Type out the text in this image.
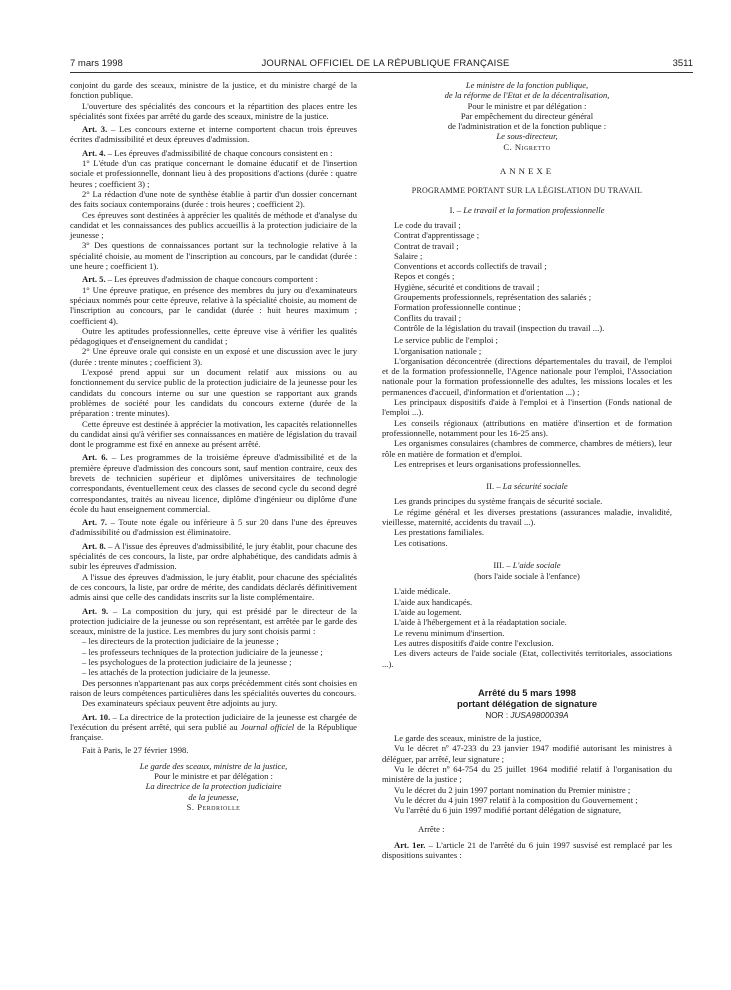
7 mars 1998	JOURNAL OFFICIEL DE LA RÉPUBLIQUE FRANÇAISE	3511

conjoint du garde des sceaux, ministre de la justice, et du ministre chargé de la fonction publique.

L'ouverture des spécialités des concours et la répartition des places entre les spécialités sont fixées par arrêté du garde des sceaux, ministre de la justice.

Art. 3. – Les concours externe et interne comportent chacun trois épreuves écrites d'admissibilité et deux épreuves d'admission.

Art. 4. – Les épreuves d'admissibilité de chaque concours consistent en :

1° L'étude d'un cas pratique concernant le domaine éducatif et de l'insertion sociale et professionnelle, donnant lieu à des propositions d'actions (durée : quatre heures ; coefficient 3) ;

2° La rédaction d'une note de synthèse établie à partir d'un dossier concernant des faits sociaux contemporains (durée : trois heures ; coefficient 2).

Ces épreuves sont destinées à apprécier les qualités de méthode et d'analyse du candidat et les connaissances des publics accueillis à la protection judiciaire de la jeunesse ;

3° Des questions de connaissances portant sur la technologie relative à la spécialité choisie, au moment de l'inscription au concours, par le candidat (durée : une heure ; coefficient 1).

Art. 5. – Les épreuves d'admission de chaque concours comportent :

1° Une épreuve pratique, en présence des membres du jury ou d'examinateurs spéciaux nommés pour cette épreuve, relative à la spécialité choisie, au moment de l'inscription au concours, par le candidat (durée : huit heures maximum ; coefficient 4).

Outre les aptitudes professionnelles, cette épreuve vise à vérifier les qualités pédagogiques et d'enseignement du candidat ;

2° Une épreuve orale qui consiste en un exposé et une discussion avec le jury (durée : trente minutes ; coefficient 3).

L'exposé prend appui sur un document relatif aux missions ou au fonctionnement du service public de la protection judiciaire de la jeunesse pour les candidats du concours interne ou sur une question se rapportant aux grands problèmes de société pour les candidats du concours externe (durée de la préparation : trente minutes).

Cette épreuve est destinée à apprécier la motivation, les capacités relationnelles du candidat ainsi qu'à vérifier ses connaissances en matière de législation du travail dont le programme est fixé en annexe au présent arrêté.

Art. 6. – Les programmes de la troisième épreuve d'admissibilité et de la première épreuve d'admission des concours sont, sauf mention contraire, ceux des brevets de technicien supérieur et diplômes universitaires de technologie correspondants, éventuellement ceux des classes de second cycle du second degré correspondantes, traités au niveau licence, diplôme d'ingénieur ou diplôme d'une école du haut enseignement commercial.

Art. 7. – Toute note égale ou inférieure à 5 sur 20 dans l'une des épreuves d'admissibilité ou d'admission est éliminatoire.

Art. 8. – A l'issue des épreuves d'admissibilité, le jury établit, pour chacune des spécialités de ces concours, la liste, par ordre alphabétique, des candidats admis à subir les épreuves d'admission.

A l'issue des épreuves d'admission, le jury établit, pour chacune des spécialités de ces concours, la liste, par ordre de mérite, des candidats déclarés définitivement admis ainsi que celle des candidats inscrits sur la liste complémentaire.

Art. 9. – La composition du jury, qui est présidé par le directeur de la protection judiciaire de la jeunesse ou son représentant, est arrêtée par le garde des sceaux, ministre de la justice. Les membres du jury sont choisis parmi :

– les directeurs de la protection judiciaire de la jeunesse ;

– les professeurs techniques de la protection judiciaire de la jeunesse ;

– les psychologues de la protection judiciaire de la jeunesse ;

– les attachés de la protection judiciaire de la jeunesse.

Des personnes n'appartenant pas aux corps précédemment cités sont choisies en raison de leurs compétences particulières dans les spécialités ouvertes du concours.

Des examinateurs spéciaux peuvent être adjoints au jury.

Art. 10. – La directrice de la protection judiciaire de la jeunesse est chargée de l'exécution du présent arrêté, qui sera publié au Journal officiel de la République française.

Fait à Paris, le 27 février 1998.

Le garde des sceaux, ministre de la justice,

Pour le ministre et par délégation :

La directrice de la protection judiciaire

de la jeunesse,

S. Perdriolle

Le ministre de la fonction publique,

de la réforme de l'Etat et de la décentralisation,

Pour le ministre et par délégation :

Par empêchement du directeur général

de l'administration et de la fonction publique :

Le sous-directeur,

C. Nigretto

ANNEXE
PROGRAMME PORTANT SUR LA LÉGISLATION DU TRAVAIL
I. – Le travail et la formation professionnelle

Le code du travail ;

Contrat d'apprentissage ;

Contrat de travail ;

Salaire ;

Conventions et accords collectifs de travail ;

Repos et congés ;

Hygiène, sécurité et conditions de travail ;

Groupements professionnels, représentation des salariés ;

Formation professionnelle continue ;

Conflits du travail ;

Contrôle de la législation du travail (inspection du travail ...).

Le service public de l'emploi ;

L'organisation nationale ;

L'organisation déconcentrée (directions départementales du travail, de l'emploi et de la formation professionnelle, l'Agence nationale pour l'emploi, l'Association nationale pour la formation professionnelle des adultes, les missions locales et les permanences d'accueil, d'information et d'orientation ...) ;

Les principaux dispositifs d'aide à l'emploi et à l'insertion (Fonds national de l'emploi ...).

Les conseils régionaux (attributions en matière d'insertion et de formation professionnelle, notamment pour les 16-25 ans).

Les organismes consulaires (chambres de commerce, chambres de métiers), leur rôle en matière de formation et d'emploi.

Les entreprises et leurs organisations professionnelles.

II. – La sécurité sociale

Les grands principes du système français de sécurité sociale.

Le régime général et les diverses prestations (assurances maladie, invalidité, vieillesse, maternité, accidents du travail ...).

Les prestations familiales.

Les cotisations.

III. – L'aide sociale
(hors l'aide sociale à l'enfance)

L'aide médicale.

L'aide aux handicapés.

L'aide au logement.

L'aide à l'hébergement et à la réadaptation sociale.

Le revenu minimum d'insertion.

Les autres dispositifs d'aide contre l'exclusion.

Les divers acteurs de l'aide sociale (Etat, collectivités territoriales, associations ...).

Arrêté du 5 mars 1998
portant délégation de signature
NOR : JUSA9800039A

Le garde des sceaux, ministre de la justice,

Vu le décret nº 47-233 du 23 janvier 1947 modifié autorisant les ministres à déléguer, par arrêté, leur signature ;

Vu le décret nº 64-754 du 25 juillet 1964 modifié relatif à l'organisation du ministère de la justice ;

Vu le décret du 2 juin 1997 portant nomination du Premier ministre ;

Vu le décret du 4 juin 1997 relatif à la composition du Gouvernement ;

Vu l'arrêté du 6 juin 1997 modifié portant délégation de signature,

Arrête :

Art. 1er. – L'article 21 de l'arrêté du 6 juin 1997 susvisé est remplacé par les dispositions suivantes :
